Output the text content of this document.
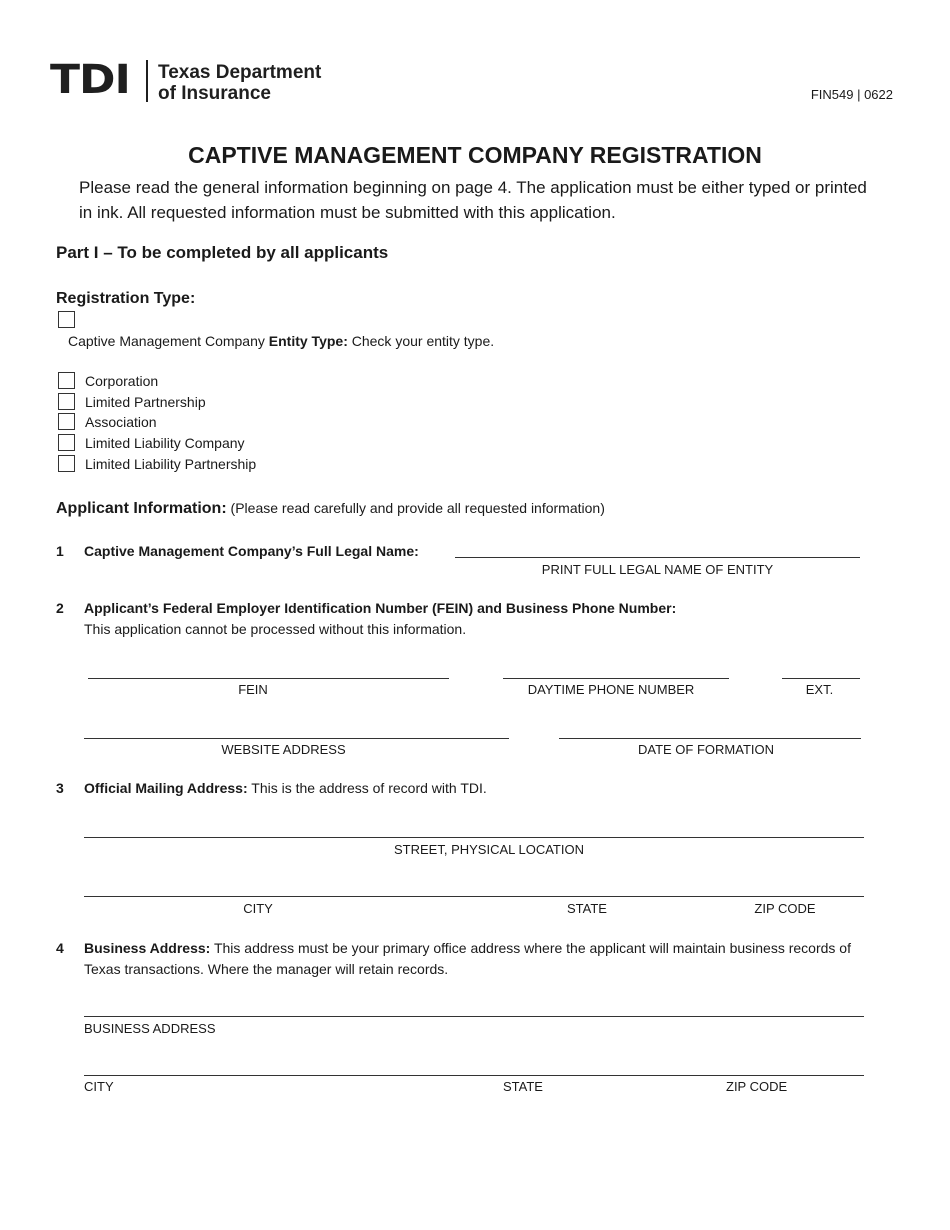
TDI Texas Department
of Insurance	FIN549 | 0622
CAPTIVE MANAGEMENT COMPANY REGISTRATION
Please read the general information beginning on page 4. The application must be either typed or printed in ink. All requested information must be submitted with this application.
Part I – To be completed by all applicants
Registration Type:
Captive Management Company Entity Type: Check your entity type.
Corporation
Limited Partnership
Association
Limited Liability Company
Limited Liability Partnership
Applicant Information: (Please read carefully and provide all requested information)
1 Captive Management Company’s Full Legal Name:
PRINT FULL LEGAL NAME OF ENTITY
2 Applicant’s Federal Employer Identification Number (FEIN) and Business Phone Number:
This application cannot be processed without this information.
FEIN	DAYTIME PHONE NUMBER	EXT.
WEBSITE ADDRESS	DATE OF FORMATION
3 Official Mailing Address: This is the address of record with TDI.
STREET, PHYSICAL LOCATION
CITY	STATE	ZIP CODE
4 Business Address: This address must be your primary office address where the applicant will maintain business records of Texas transactions. Where the manager will retain records.
BUSINESS ADDRESS
CITY	STATE	ZIP CODE
